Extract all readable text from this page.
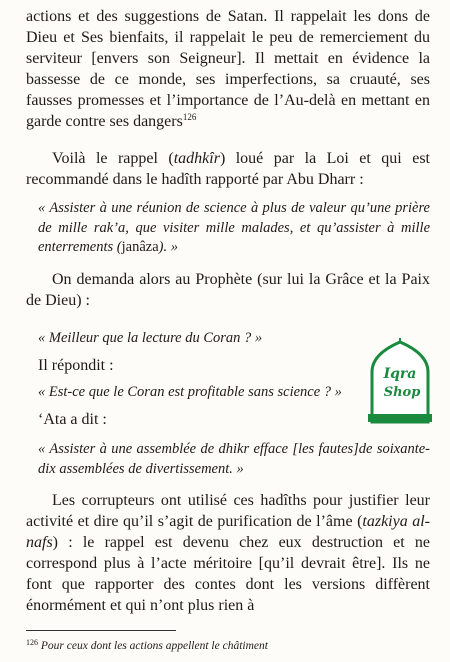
actions et des suggestions de Satan. Il rappelait les dons de Dieu et Ses bienfaits, il rappelait le peu de remerciement du serviteur [envers son Seigneur]. Il mettait en évidence la bassesse de ce monde, ses imperfections, sa cruauté, ses fausses promesses et l’importance de l’Au-delà en mettant en garde contre ses dangers$^{126}$

Voilà le rappel (tadhkîr) loué par la Loi et qui est recommandé dans le hadîth rapporté par Abu Dharr :

« Assister à une réunion de science à plus de valeur qu’une prière de mille rak’a, que visiter mille malades, et qu’assister à mille enterrements (janâza). »

On demanda alors au Prophète (sur lui la Grâce et la Paix de Dieu) :

« Meilleur que la lecture du Coran ? »

Il répondit :

« Est-ce que le Coran est profitable sans science ? »

‘Ata a dit :

« Assister à une assemblée de dhikr efface [les fautes]de soixante-dix assemblées de divertissement. »

Les corrupteurs ont utilisé ces hadîths pour justifier leur activité et dire qu’il s’agit de purification de l’âme (tazkiya al-nafs) : le rappel est devenu chez eux destruction et ne correspond plus à l’acte méritoire [qu’il devrait être]. Ils ne font que rapporter des contes dont les versions diffèrent énormément et qui n’ont plus rien à

$^{126}$ Pour ceux dont les actions appellent le châtiment
Iqra
Shop
